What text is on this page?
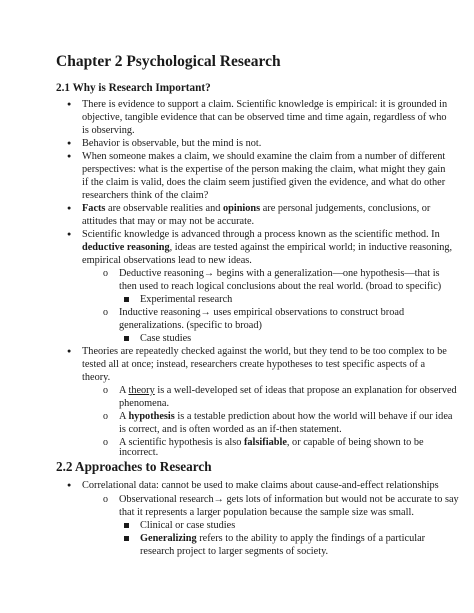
Chapter 2 Psychological Research
2.1 Why is Research Important?
● There is evidence to support a claim. Scientific knowledge is empirical: it is grounded in
objective, tangible evidence that can be observed time and time again, regardless of who
is observing.
● Behavior is observable, but the mind is not.
● When someone makes a claim, we should examine the claim from a number of different
perspectives: what is the expertise of the person making the claim, what might they gain
if the claim is valid, does the claim seem justified given the evidence, and what do other
researchers think of the claim?
● Facts are observable realities and opinions are personal judgements, conclusions, or
attitudes that may or may not be accurate.
● Scientific knowledge is advanced through a process known as the scientific method. In
deductive reasoning, ideas are tested against the empirical world; in inductive reasoning,
empirical observations lead to new ideas.
o Deductive reasoning→ begins with a generalization—one hypothesis—that is
then used to reach logical conclusions about the real world. (broad to specific)
Experimental research
o Inductive reasoning→ uses empirical observations to construct broad
generalizations. (specific to broad)
Case studies
● Theories are repeatedly checked against the world, but they tend to be too complex to be
tested all at once; instead, researchers create hypotheses to test specific aspects of a
theory.
o A theory is a well-developed set of ideas that propose an explanation for observed
phenomena.
o A hypothesis is a testable prediction about how the world will behave if our idea
is correct, and is often worded as an if-then statement.
o A scientific hypothesis is also falsifiable, or capable of being shown to be
2.2 Approaches to Research
● Correlational data: cannot be used to make claims about cause-and-effect relationships
o Observational research→ gets lots of information but would not be accurate to say
that it represents a larger population because the sample size was small.
Clinical or case studies
Generalizing refers to the ability to apply the findings of a particular
research project to larger segments of society.
incorrect.
